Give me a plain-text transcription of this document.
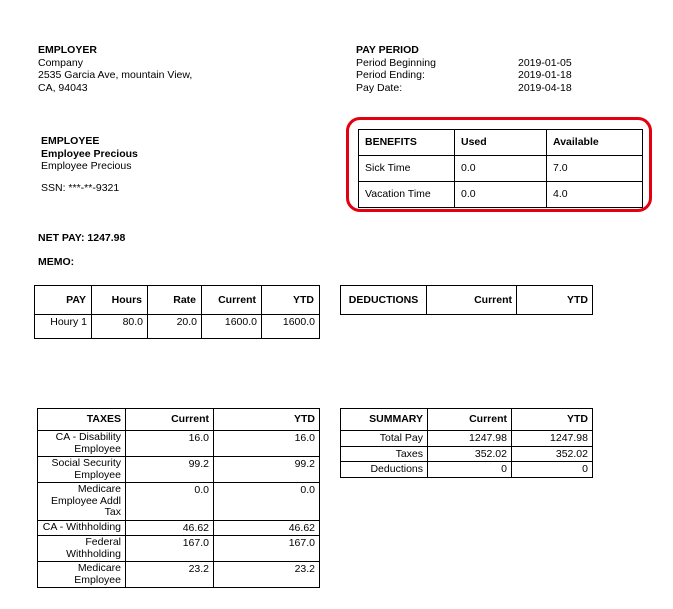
EMPLOYER
Company
2535 Garcia Ave, mountain View,
CA, 94043
PAY PERIOD
Period Beginning	2019-01-05
Period Ending:	2019-01-18
Pay Date:	2019-04-18
EMPLOYEE
Employee Precious
Employee Precious
SSN: ***-**-9321
NET PAY: 1247.98
MEMO:
BENEFITS	Used	Available
Sick Time	0.0	7.0
Vacation Time	0.0	4.0
PAY	Hours	Rate	Current	YTD
Houry 1	80.0	20.0	1600.0	1600.0
DEDUCTIONS	Current	YTD
TAXES	Current	YTD
CA - Disability Employee	16.0	16.0
Social Security Employee	99.2	99.2
Medicare Employee Addl Tax	0.0	0.0
CA - Withholding	46.62	46.62
Federal Withholding	167.0	167.0
Medicare Employee	23.2	23.2
SUMMARY	Current	YTD
Total Pay	1247.98	1247.98
Taxes	352.02	352.02
Deductions	0	0
